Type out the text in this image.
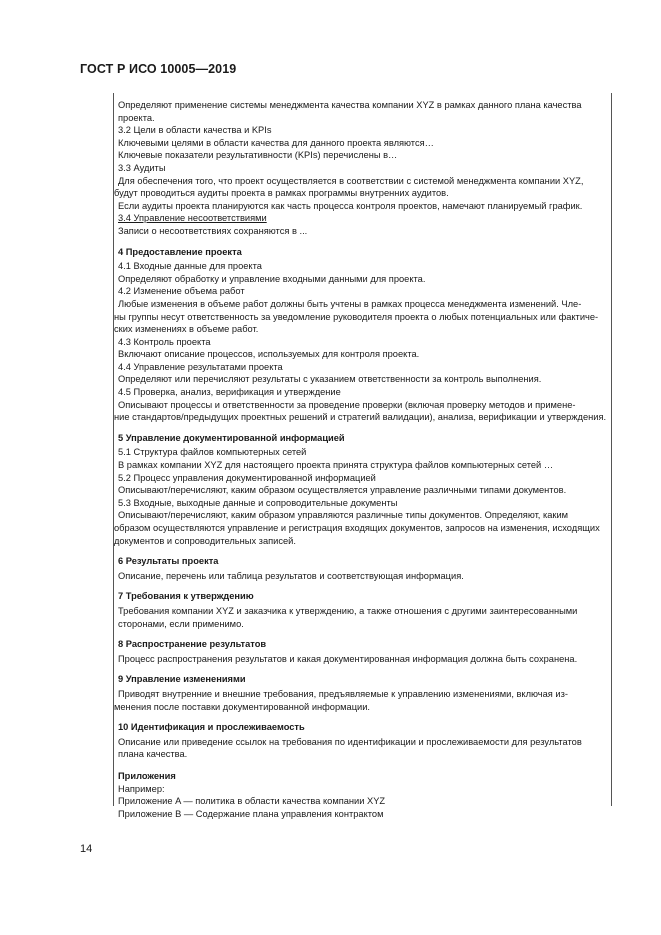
ГОСТ Р ИСО 10005—2019
Определяют применение системы менеджмента качества компании XYZ в рамках данного плана качества
проекта.
3.2 Цели в области качества и KPIs
Ключевыми целями в области качества для данного проекта являются…
Ключевые показатели результативности (KPIs) перечислены в…
3.3 Аудиты
Для обеспечения того, что проект осуществляется в соответствии с системой менеджмента компании XYZ,
будут проводиться аудиты проекта в рамках программы внутренних аудитов.
Если аудиты проекта планируются как часть процесса контроля проектов, намечают планируемый график.
3.4 Управление несоответствиями
Записи о несоответствиях сохраняются в ...
4 Предоставление проекта
4.1 Входные данные для проекта
Определяют обработку и управление входными данными для проекта.
4.2 Изменение объема работ
Любые изменения в объеме работ должны быть учтены в рамках процесса менеджмента изменений. Чле-
ны группы несут ответственность за уведомление руководителя проекта о любых потенциальных или фактиче-
ских изменениях в объеме работ.
4.3 Контроль проекта
Включают описание процессов, используемых для контроля проекта.
4.4 Управление результатами проекта
Определяют или перечисляют результаты с указанием ответственности за контроль выполнения.
4.5 Проверка, анализ, верификация и утверждение
Описывают процессы и ответственности за проведение проверки (включая проверку методов и примене-
ние стандартов/предыдущих проектных решений и стратегий валидации), анализа, верификации и утверждения.
5 Управление документированной информацией
5.1 Структура файлов компьютерных сетей
В рамках компании XYZ для настоящего проекта принята структура файлов компьютерных сетей …
5.2 Процесс управления документированной информацией
Описывают/перечисляют, каким образом осуществляется управление различными типами документов.
5.3 Входные, выходные данные и сопроводительные документы
Описывают/перечисляют, каким образом управляются различные типы документов. Определяют, каким
образом осуществляются управление и регистрация входящих документов, запросов на изменения, исходящих
документов и сопроводительных записей.
6 Результаты проекта
Описание, перечень или таблица результатов и соответствующая информация.
7 Требования к утверждению
Требования компании XYZ и заказчика к утверждению, а также отношения с другими заинтересованными
сторонами, если применимо.
8 Распространение результатов
Процесс распространения результатов и какая документированная информация должна быть сохранена.
9 Управление изменениями
Приводят внутренние и внешние требования, предъявляемые к управлению изменениями, включая из-
менения после поставки документированной информации.
10 Идентификация и прослеживаемость
Описание или приведение ссылок на требования по идентификации и прослеживаемости для результатов
плана качества.
Приложения
Например:
Приложение A — политика в области качества компании XYZ
Приложение B — Содержание плана управления контрактом
14
